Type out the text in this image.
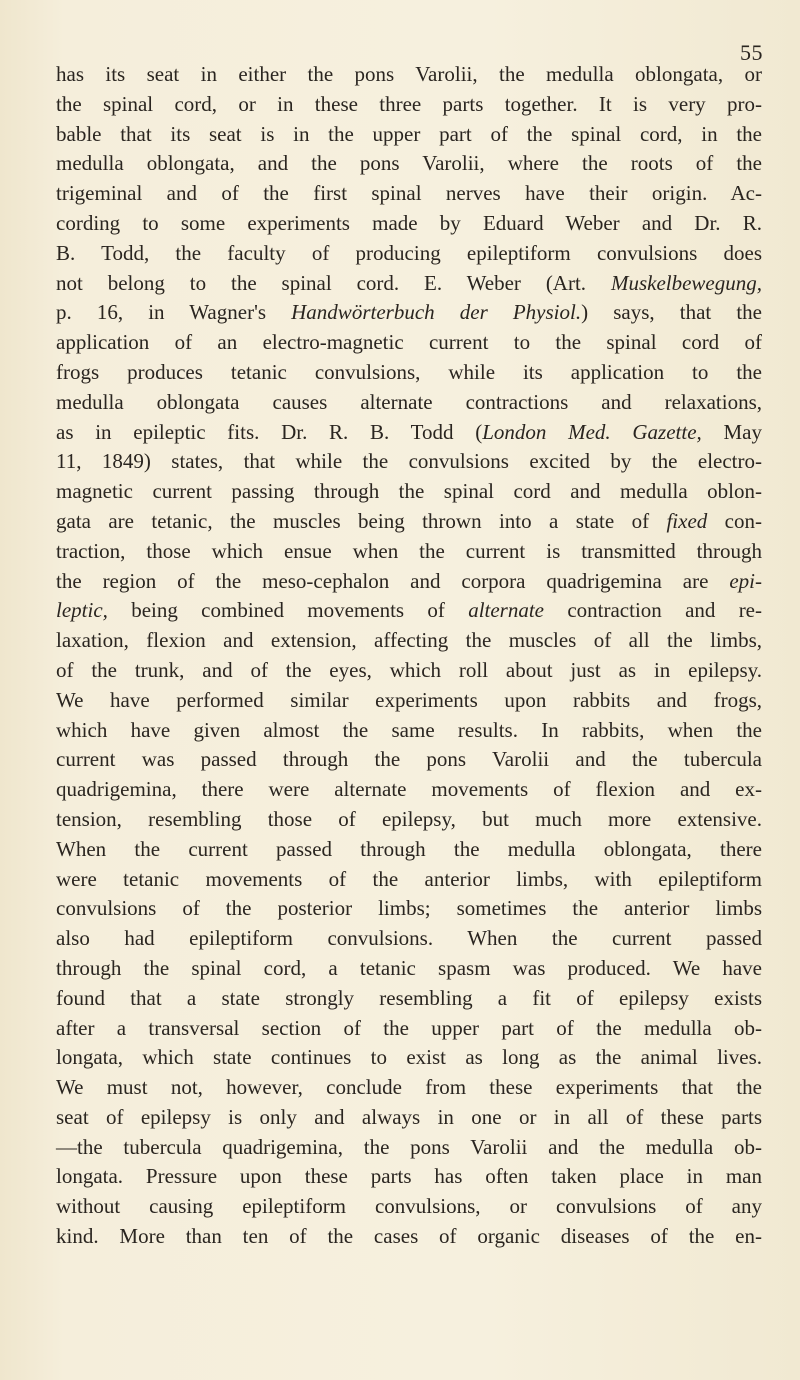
55
has its seat in either the pons Varolii, the medulla oblongata, or
the spinal cord, or in these three parts together. It is very pro-
bable that its seat is in the upper part of the spinal cord, in the
medulla oblongata, and the pons Varolii, where the roots of the
trigeminal and of the first spinal nerves have their origin. Ac-
cording to some experiments made by Eduard Weber and Dr. R.
B. Todd, the faculty of producing epileptiform convulsions does
not belong to the spinal cord. E. Weber (Art. Muskelbewegung,
p. 16, in Wagner's Handwörterbuch der Physiol.) says, that the
application of an electro-magnetic current to the spinal cord of
frogs produces tetanic convulsions, while its application to the
medulla oblongata causes alternate contractions and relaxations,
as in epileptic fits. Dr. R. B. Todd (London Med. Gazette, May
11, 1849) states, that while the convulsions excited by the electro-
magnetic current passing through the spinal cord and medulla oblon-
gata are tetanic, the muscles being thrown into a state of fixed con-
traction, those which ensue when the current is transmitted through
the region of the meso-cephalon and corpora quadrigemina are epi-
leptic, being combined movements of alternate contraction and re-
laxation, flexion and extension, affecting the muscles of all the limbs,
of the trunk, and of the eyes, which roll about just as in epilepsy.
We have performed similar experiments upon rabbits and frogs,
which have given almost the same results. In rabbits, when the
current was passed through the pons Varolii and the tubercula
quadrigemina, there were alternate movements of flexion and ex-
tension, resembling those of epilepsy, but much more extensive.
When the current passed through the medulla oblongata, there
were tetanic movements of the anterior limbs, with epileptiform
convulsions of the posterior limbs; sometimes the anterior limbs
also had epileptiform convulsions. When the current passed
through the spinal cord, a tetanic spasm was produced. We have
found that a state strongly resembling a fit of epilepsy exists
after a transversal section of the upper part of the medulla ob-
longata, which state continues to exist as long as the animal lives.
We must not, however, conclude from these experiments that the
seat of epilepsy is only and always in one or in all of these parts
—the tubercula quadrigemina, the pons Varolii and the medulla ob-
longata. Pressure upon these parts has often taken place in man
without causing epileptiform convulsions, or convulsions of any
kind. More than ten of the cases of organic diseases of the en-
